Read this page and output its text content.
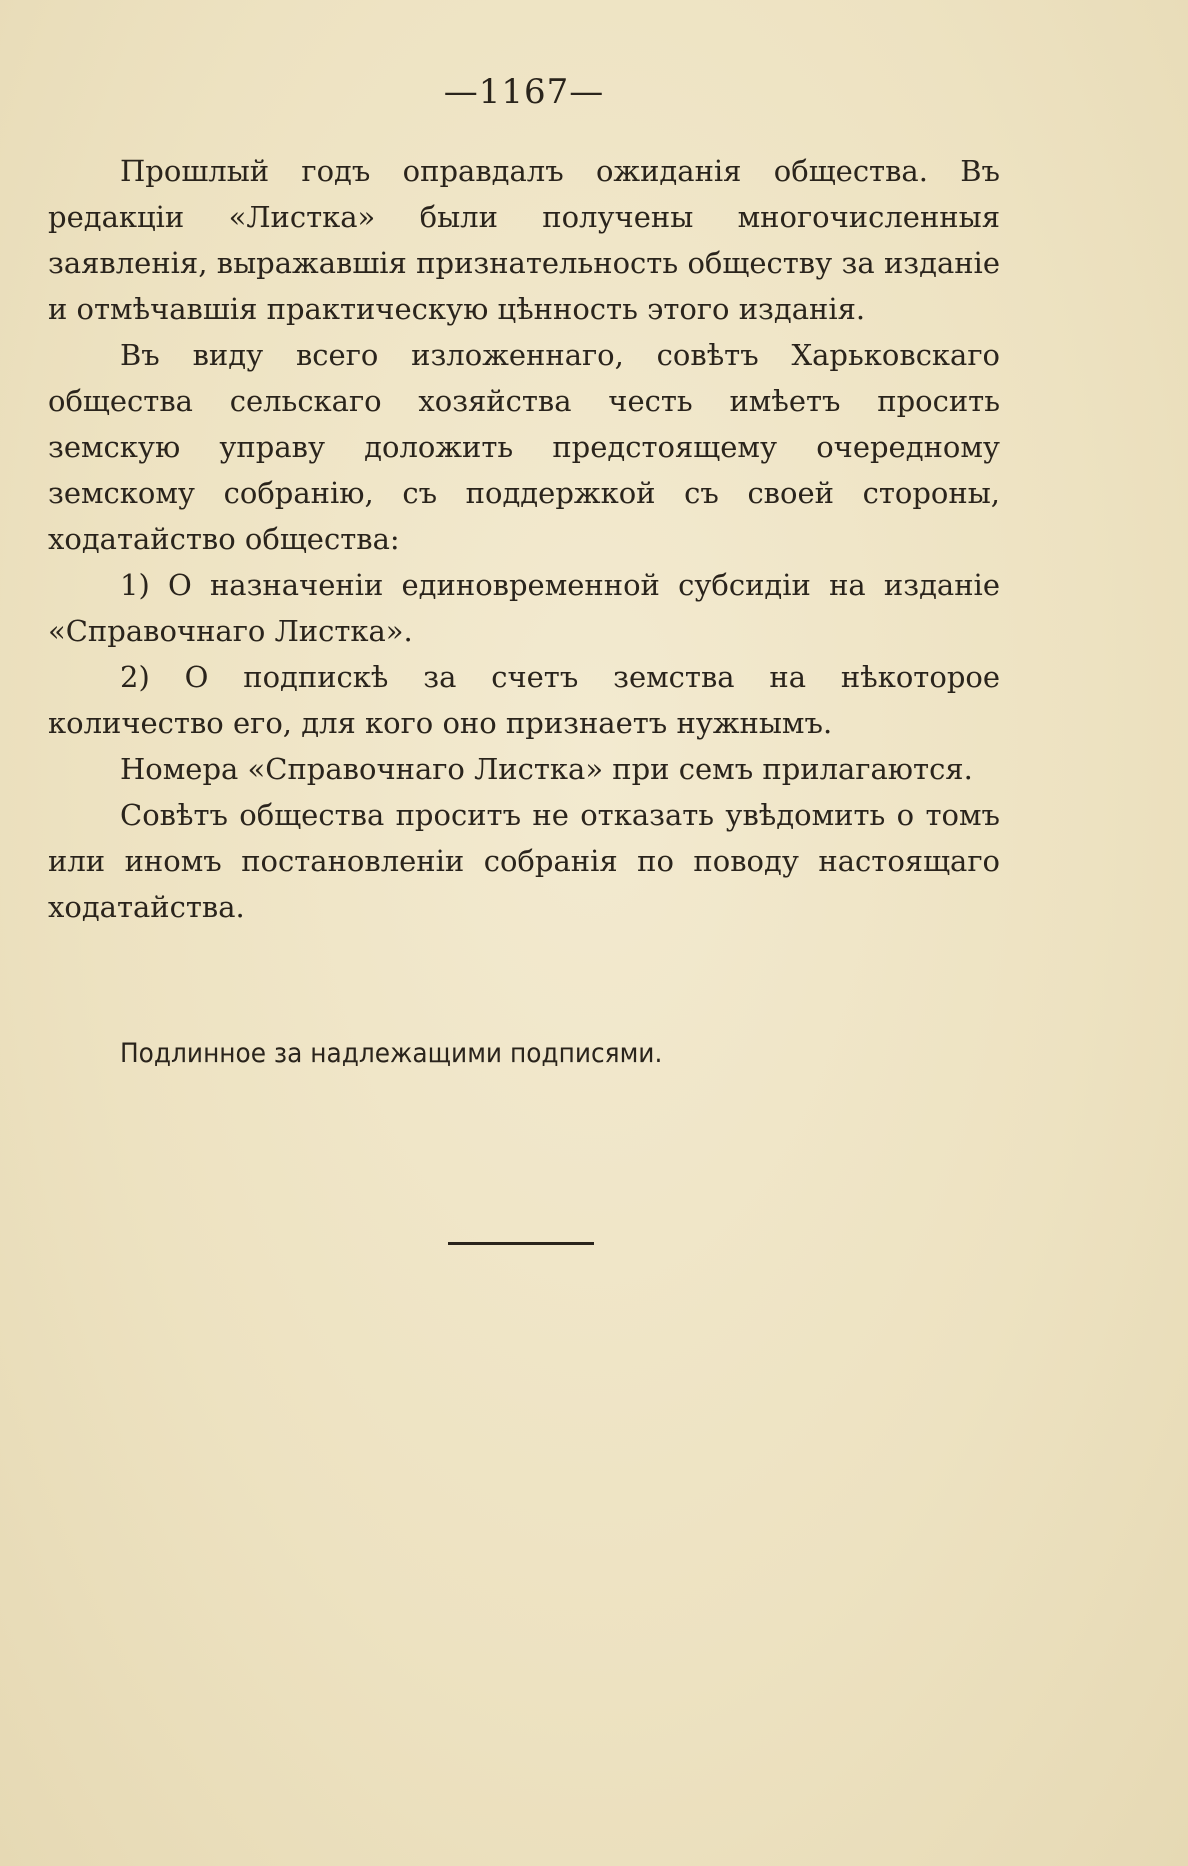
—1167—

Прошлый годъ оправдалъ ожиданія общества. Въ редакціи «Листка» были получены многочисленныя заявленія, выражавшія признательность обществу за изданіе и отмѣчавшія практическую цѣнность этого изданія.

Въ виду всего изложеннаго, совѣтъ Харьковскаго общества сельскаго хозяйства честь имѣетъ просить земскую управу доложить предстоящему очередному земскому собранію, съ поддержкой съ своей стороны, ходатайство общества:

1) О назначеніи единовременной субсидіи на изданіе «Справочнаго Листка».

2) О подпискѣ за счетъ земства на нѣкоторое количество его, для кого оно признаетъ нужнымъ.

Номера «Справочнаго Листка» при семъ прилагаются.

Совѣтъ общества проситъ не отказать увѣдомить о томъ или иномъ постановленіи собранія по поводу настоящаго ходатайства.

Подлинное за надлежащими подписями.
